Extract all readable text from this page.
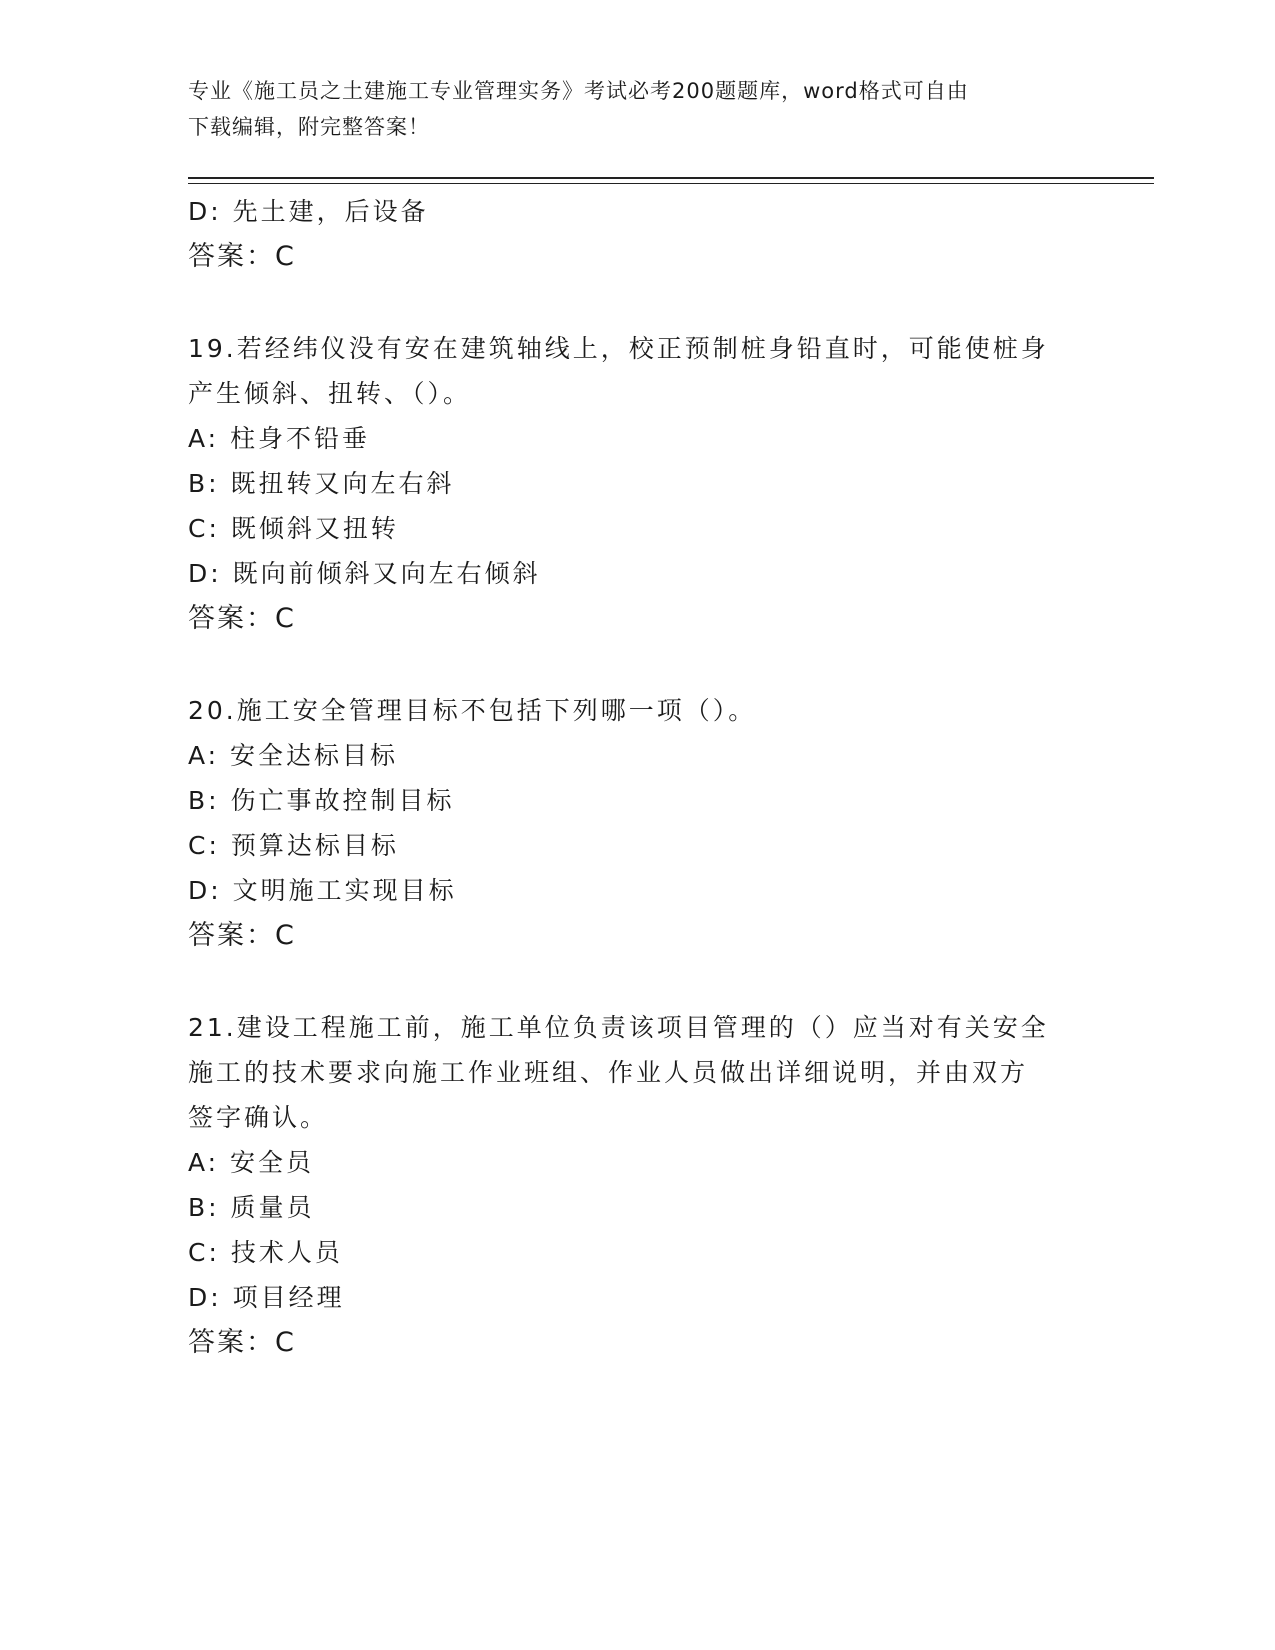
专业《施工员之土建施工专业管理实务》考试必考200题题库，word格式可自由
下载编辑，附完整答案！
D: 先土建，后设备
答案：C
19.若经纬仪没有安在建筑轴线上，校正预制桩身铅直时，可能使桩身
产生倾斜、扭转、（）。
A: 柱身不铅垂
B: 既扭转又向左右斜
C: 既倾斜又扭转
D: 既向前倾斜又向左右倾斜
答案：C
20.施工安全管理目标不包括下列哪一项（）。
A: 安全达标目标
B: 伤亡事故控制目标
C: 预算达标目标
D: 文明施工实现目标
答案：C
21.建设工程施工前，施工单位负责该项目管理的（）应当对有关安全
施工的技术要求向施工作业班组、作业人员做出详细说明，并由双方
签字确认。
A: 安全员
B: 质量员
C: 技术人员
D: 项目经理
答案：C
